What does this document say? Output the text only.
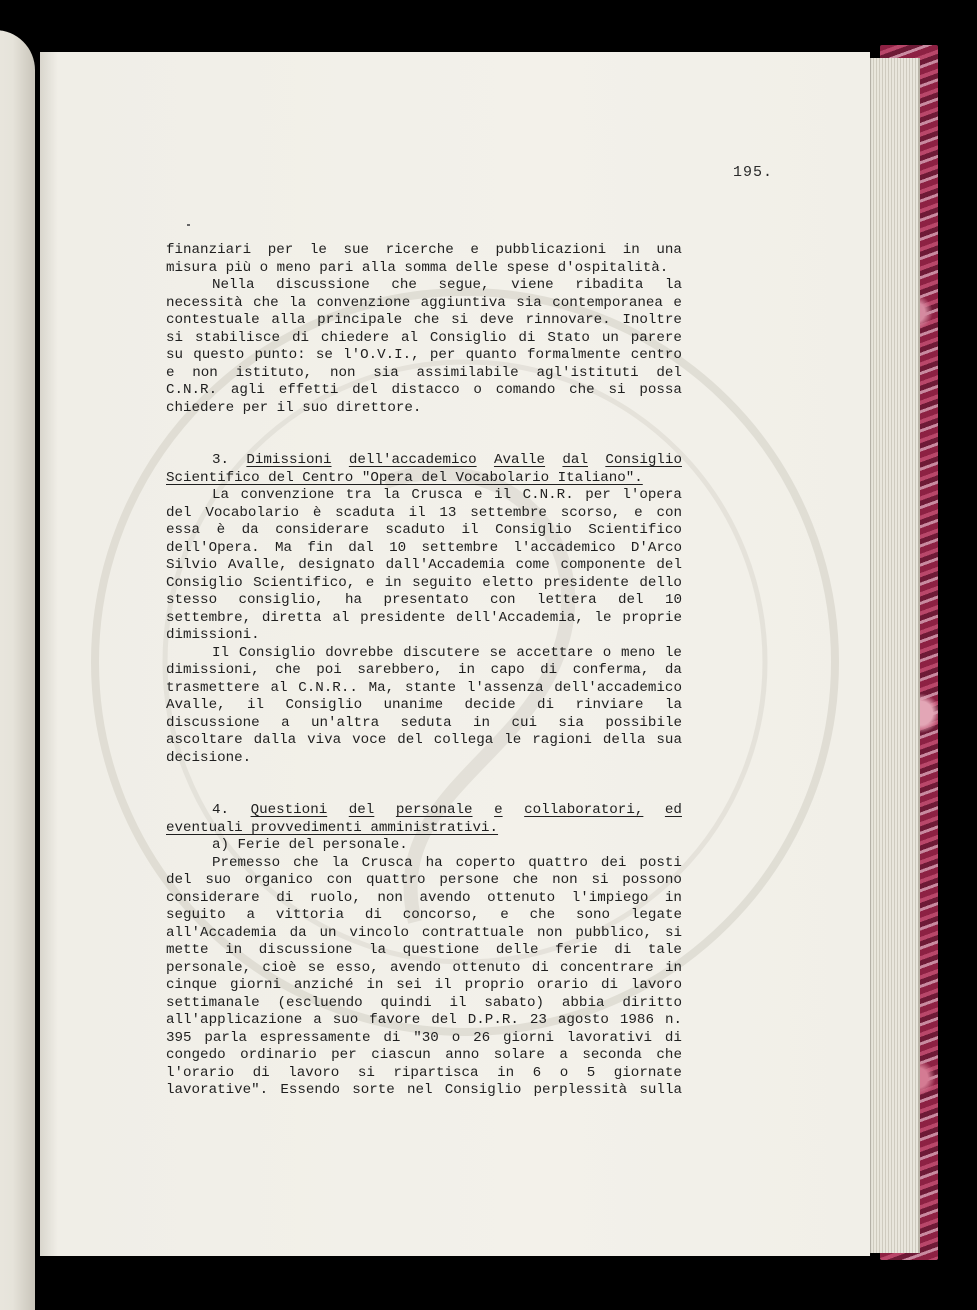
195.
finanziari per le sue ricerche e pubblicazioni in una
misura più o meno pari alla somma delle spese d'ospitalità.
Nella discussione che segue, viene ribadita la
necessità che la convenzione aggiuntiva sia contemporanea e
contestuale alla principale che si deve rinnovare. Inoltre
si stabilisce di chiedere al Consiglio di Stato un parere
su questo punto: se l'O.V.I., per quanto formalmente centro
e non istituto, non sia assimilabile agl'istituti del
C.N.R. agli effetti del distacco o comando che si possa
chiedere per il suo direttore.
3. Dimissioni dell'accademico Avalle dal Consiglio
Scientifico del Centro "Opera del Vocabolario Italiano".
La convenzione tra la Crusca e il C.N.R. per l'opera
del Vocabolario è scaduta il 13 settembre scorso, e con
essa è da considerare scaduto il Consiglio Scientifico
dell'Opera. Ma fin dal 10 settembre l'accademico D'Arco
Silvio Avalle, designato dall'Accademia come componente del
Consiglio Scientifico, e in seguito eletto presidente dello
stesso consiglio, ha presentato con lettera del 10
settembre, diretta al presidente dell'Accademia, le proprie
dimissioni.
Il Consiglio dovrebbe discutere se accettare o meno le
dimissioni, che poi sarebbero, in capo di conferma, da
trasmettere al C.N.R.. Ma, stante l'assenza dell'accademico
Avalle, il Consiglio unanime decide di rinviare la
discussione a un'altra seduta in cui sia possibile
ascoltare dalla viva voce del collega le ragioni della sua
decisione.
4. Questioni del personale e collaboratori, ed
eventuali provvedimenti amministrativi.
a) Ferie del personale.
Premesso che la Crusca ha coperto quattro dei posti
del suo organico con quattro persone che non si possono
considerare di ruolo, non avendo ottenuto l'impiego in
seguito a vittoria di concorso, e che sono legate
all'Accademia da un vincolo contrattuale non pubblico, si
mette in discussione la questione delle ferie di tale
personale, cioè se esso, avendo ottenuto di concentrare in
cinque giorni anziché in sei il proprio orario di lavoro
settimanale (escluendo quindi il sabato) abbia diritto
all'applicazione a suo favore del D.P.R. 23 agosto 1986 n.
395 parla espressamente di "30 o 26 giorni lavorativi di
congedo ordinario per ciascun anno solare a seconda che
l'orario di lavoro si ripartisca in 6 o 5 giornate
lavorative". Essendo sorte nel Consiglio perplessità sulla
